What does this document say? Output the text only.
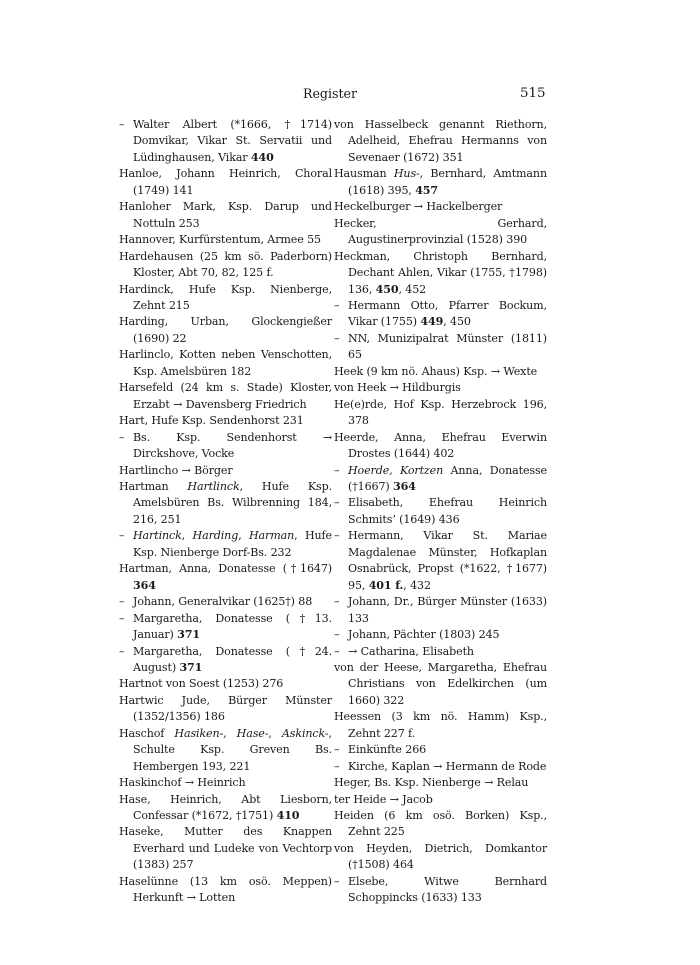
Register	515

– Walter Albert (*1666, †1714) Domvikar, Vikar St. Servatii und Lüdinghausen, Vikar 440

Hanloe, Johann Heinrich, Choral (1749) 141

Hanloher Mark, Ksp. Darup und Nottuln 253

Hannover, Kurfürstentum, Armee 55

Hardehausen (25 km sö. Paderborn) Kloster, Abt 70, 82, 125 f.

Hardinck, Hufe Ksp. Nienberge, Zehnt 215

Harding, Urban, Glockengießer (1690) 22

Harlinclo, Kotten neben Venschotten, Ksp. Amelsbüren 182

Harsefeld (24 km s. Stade) Kloster, Erzabt → Davensberg Friedrich

Hart, Hufe Ksp. Sendenhorst 231

– Bs. Ksp. Sendenhorst → Dirckshove, Vocke

Hartlincho → Börger

Hartman Hartlinck, Hufe Ksp. Amelsbüren Bs. Wilbrenning 184, 216, 251

– Hartinck, Harding, Harman, Hufe Ksp. Nienberge Dorf-Bs. 232

Hartman, Anna, Donatesse (†1647) 364

– Johann, Generalvikar (1625†) 88

– Margaretha, Donatesse (†13. Januar) 371

– Margaretha, Donatesse (†24. August) 371

Hartnot von Soest (1253) 276

Hartwic Jude, Bürger Münster (1352/1356) 186

Haschof Hasiken-, Hase-, Askinck-, Schulte Ksp. Greven Bs. Hembergen 193, 221

Haskinchof → Heinrich

Hase, Heinrich, Abt Liesborn, Confessar (*1672, †1751) 410

Haseke, Mutter des Knappen Everhard und Ludeke von Vechtorp (1383) 257

Haselünne (13 km osö. Meppen) Herkunft → Lotten

von Hasselbeck genannt Riethorn, Adelheid, Ehefrau Hermanns von Sevenaer (1672) 351

Hausman Hus-, Bernhard, Amtmann (1618) 395, 457

Heckelburger → Hackelberger

Hecker, Gerhard, Augustinerprovinzial (1528) 390

Heckman, Christoph Bernhard, Dechant Ahlen, Vikar (1755, †1798) 136, 450, 452

– Hermann Otto, Pfarrer Bockum, Vikar (1755) 449, 450

– NN, Munizipalrat Münster (1811) 65

Heek (9 km nö. Ahaus) Ksp. → Wexte

von Heek → Hildburgis

He(e)rde, Hof Ksp. Herzebrock 196, 378

Heerde, Anna, Ehefrau Everwin Drostes (1644) 402

– Hoerde, Kortzen Anna, Donatesse (†1667) 364

– Elisabeth, Ehefrau Heinrich Schmits’ (1649) 436

– Hermann, Vikar St. Mariae Magdalenae Münster, Hofkaplan Osnabrück, Propst (*1622, †1677) 95, 401 f., 432

– Johann, Dr., Bürger Münster (1633) 133

– Johann, Pächter (1803) 245

– → Catharina, Elisabeth

von der Heese, Margaretha, Ehefrau Christians von Edelkirchen (um 1660) 322

Heessen (3 km nö. Hamm) Ksp., Zehnt 227 f.

– Einkünfte 266

– Kirche, Kaplan → Hermann de Rode

Heger, Bs. Ksp. Nienberge → Relau

ter Heide → Jacob

Heiden (6 km osö. Borken) Ksp., Zehnt 225

von Heyden, Dietrich, Domkantor (†1508) 464

– Elsebe, Witwe Bernhard Schoppincks (1633) 133
